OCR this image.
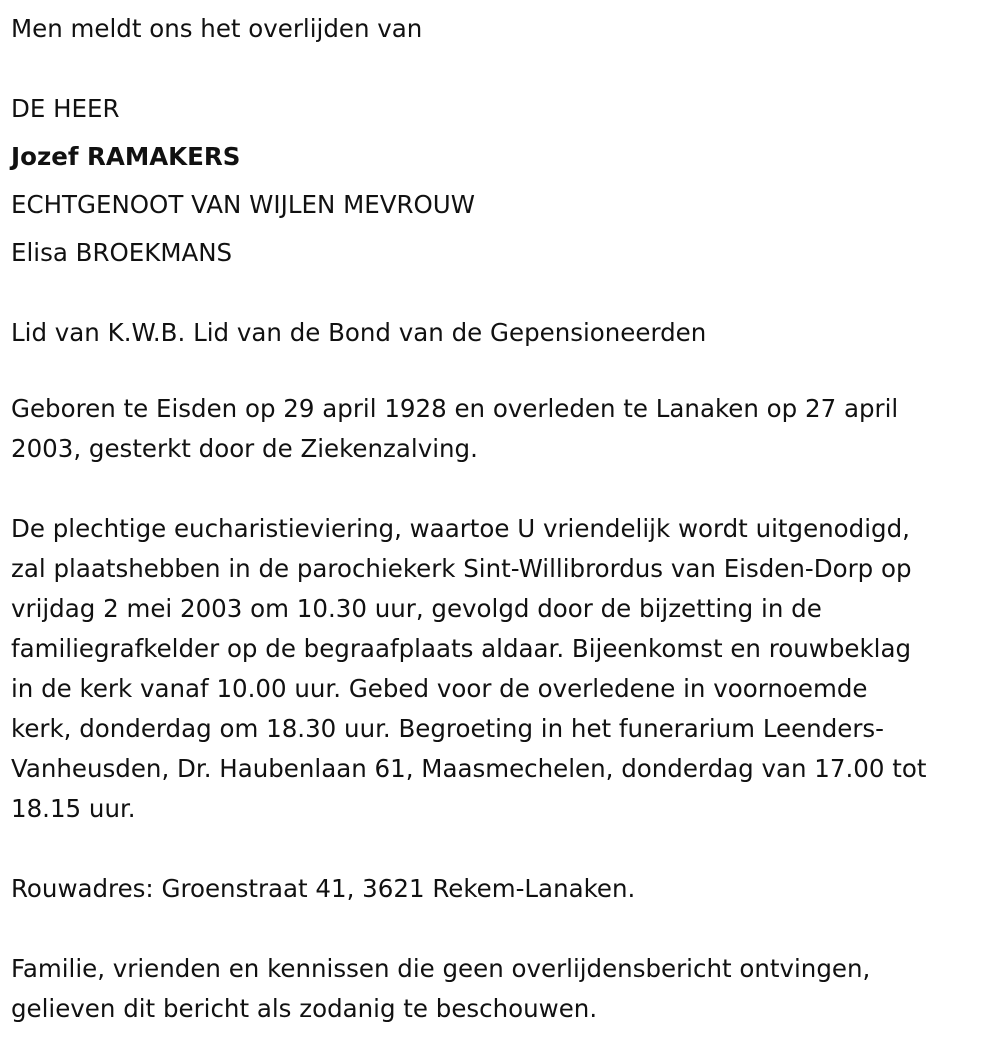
Men meldt ons het overlijden van
DE HEER
Jozef RAMAKERS
ECHTGENOOT VAN WIJLEN MEVROUW
Elisa BROEKMANS
Lid van K.W.B. Lid van de Bond van de Gepensioneerden
Geboren te Eisden op 29 april 1928 en overleden te Lanaken op 27 april
2003, gesterkt door de Ziekenzalving.
De plechtige eucharistieviering, waartoe U vriendelijk wordt uitgenodigd,
zal plaatshebben in de parochiekerk Sint-Willibrordus van Eisden-Dorp op
vrijdag 2 mei 2003 om 10.30 uur, gevolgd door de bijzetting in de
familiegrafkelder op de begraafplaats aldaar. Bijeenkomst en rouwbeklag
in de kerk vanaf 10.00 uur. Gebed voor de overledene in voornoemde
kerk, donderdag om 18.30 uur. Begroeting in het funerarium Leenders-
Vanheusden, Dr. Haubenlaan 61, Maasmechelen, donderdag van 17.00 tot
18.15 uur.
Rouwadres: Groenstraat 41, 3621 Rekem-Lanaken.
Familie, vrienden en kennissen die geen overlijdensbericht ontvingen,
gelieven dit bericht als zodanig te beschouwen.
